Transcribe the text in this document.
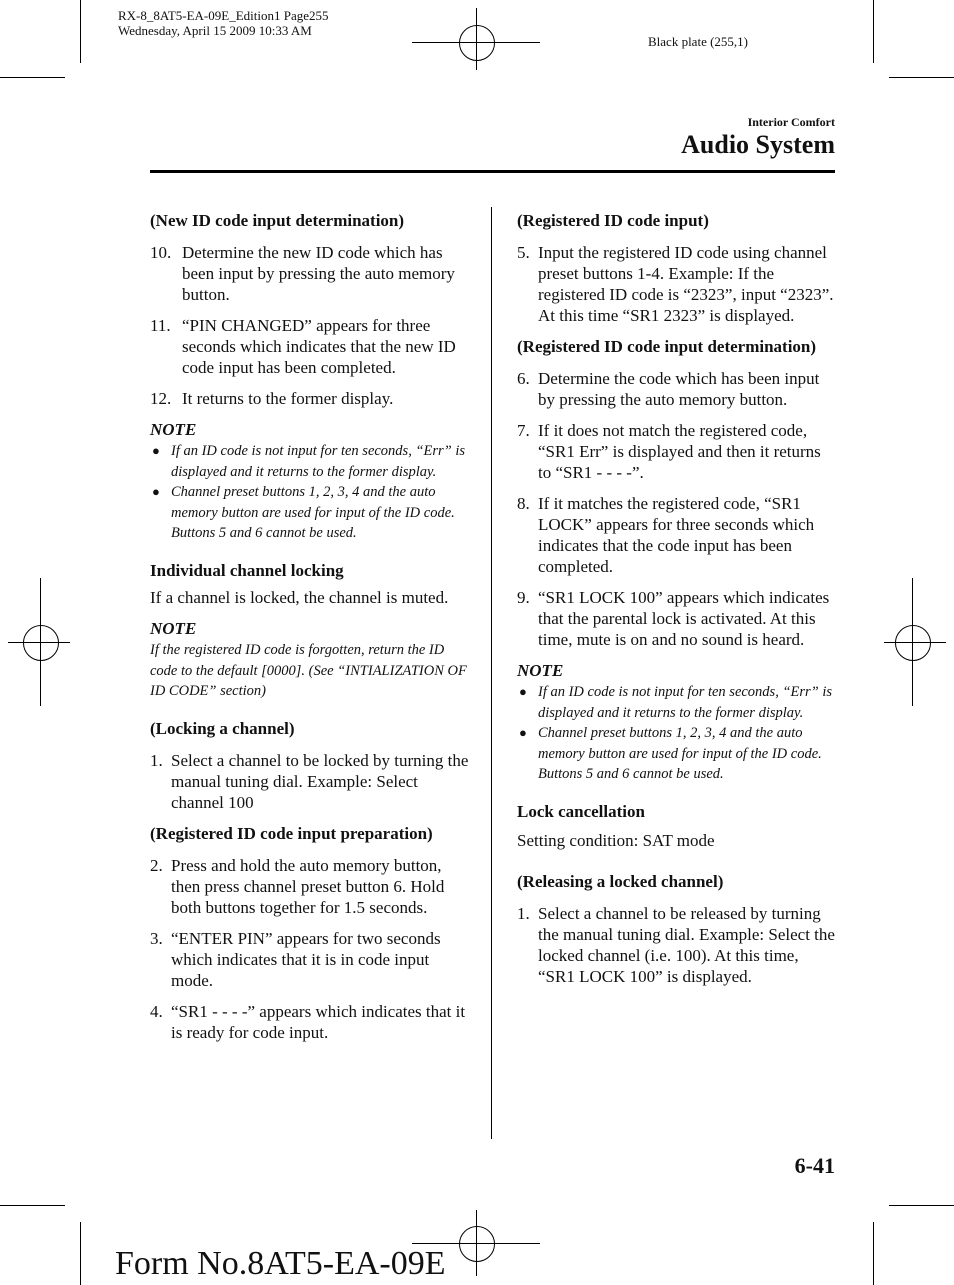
RX-8_8AT5-EA-09E_Edition1 Page255
Wednesday, April 15 2009 10:33 AM
Black plate (255,1)
Interior Comfort
Audio System

(New ID code input determination)

10. Determine the new ID code which has been input by pressing the auto memory button.

11. “PIN CHANGED” appears for three seconds which indicates that the new ID code input has been completed.

12. It returns to the former display.

NOTE

● If an ID code is not input for ten seconds, “Err” is displayed and it returns to the former display.
● Channel preset buttons 1, 2, 3, 4 and the auto memory button are used for input of the ID code. Buttons 5 and 6 cannot be used.

Individual channel locking

If a channel is locked, the channel is muted.

NOTE

If the registered ID code is forgotten, return the ID code to the default [0000]. (See “INTIALIZATION OF ID CODE” section)

(Locking a channel)

1. Select a channel to be locked by turning the manual tuning dial. Example: Select channel 100

(Registered ID code input preparation)

2. Press and hold the auto memory button, then press channel preset button 6. Hold both buttons together for 1.5 seconds.

3. “ENTER PIN” appears for two seconds which indicates that it is in code input mode.

4. “SR1 - - - -” appears which indicates that it is ready for code input.

(Registered ID code input)

5. Input the registered ID code using channel preset buttons 1-4. Example: If the registered ID code is “2323”, input “2323”. At this time “SR1 2323” is displayed.

(Registered ID code input determination)

6. Determine the code which has been input by pressing the auto memory button.

7. If it does not match the registered code, “SR1 Err” is displayed and then it returns to “SR1 - - - -”.

8. If it matches the registered code, “SR1 LOCK” appears for three seconds which indicates that the code input has been completed.

9. “SR1 LOCK 100” appears which indicates that the parental lock is activated. At this time, mute is on and no sound is heard.

NOTE

● If an ID code is not input for ten seconds, “Err” is displayed and it returns to the former display.
● Channel preset buttons 1, 2, 3, 4 and the auto memory button are used for input of the ID code. Buttons 5 and 6 cannot be used.

Lock cancellation

Setting condition: SAT mode

(Releasing a locked channel)

1. Select a channel to be released by turning the manual tuning dial. Example: Select the locked channel (i.e. 100). At this time,
“SR1 LOCK 100” is displayed.

6-41
Form No.8AT5-EA-09E
